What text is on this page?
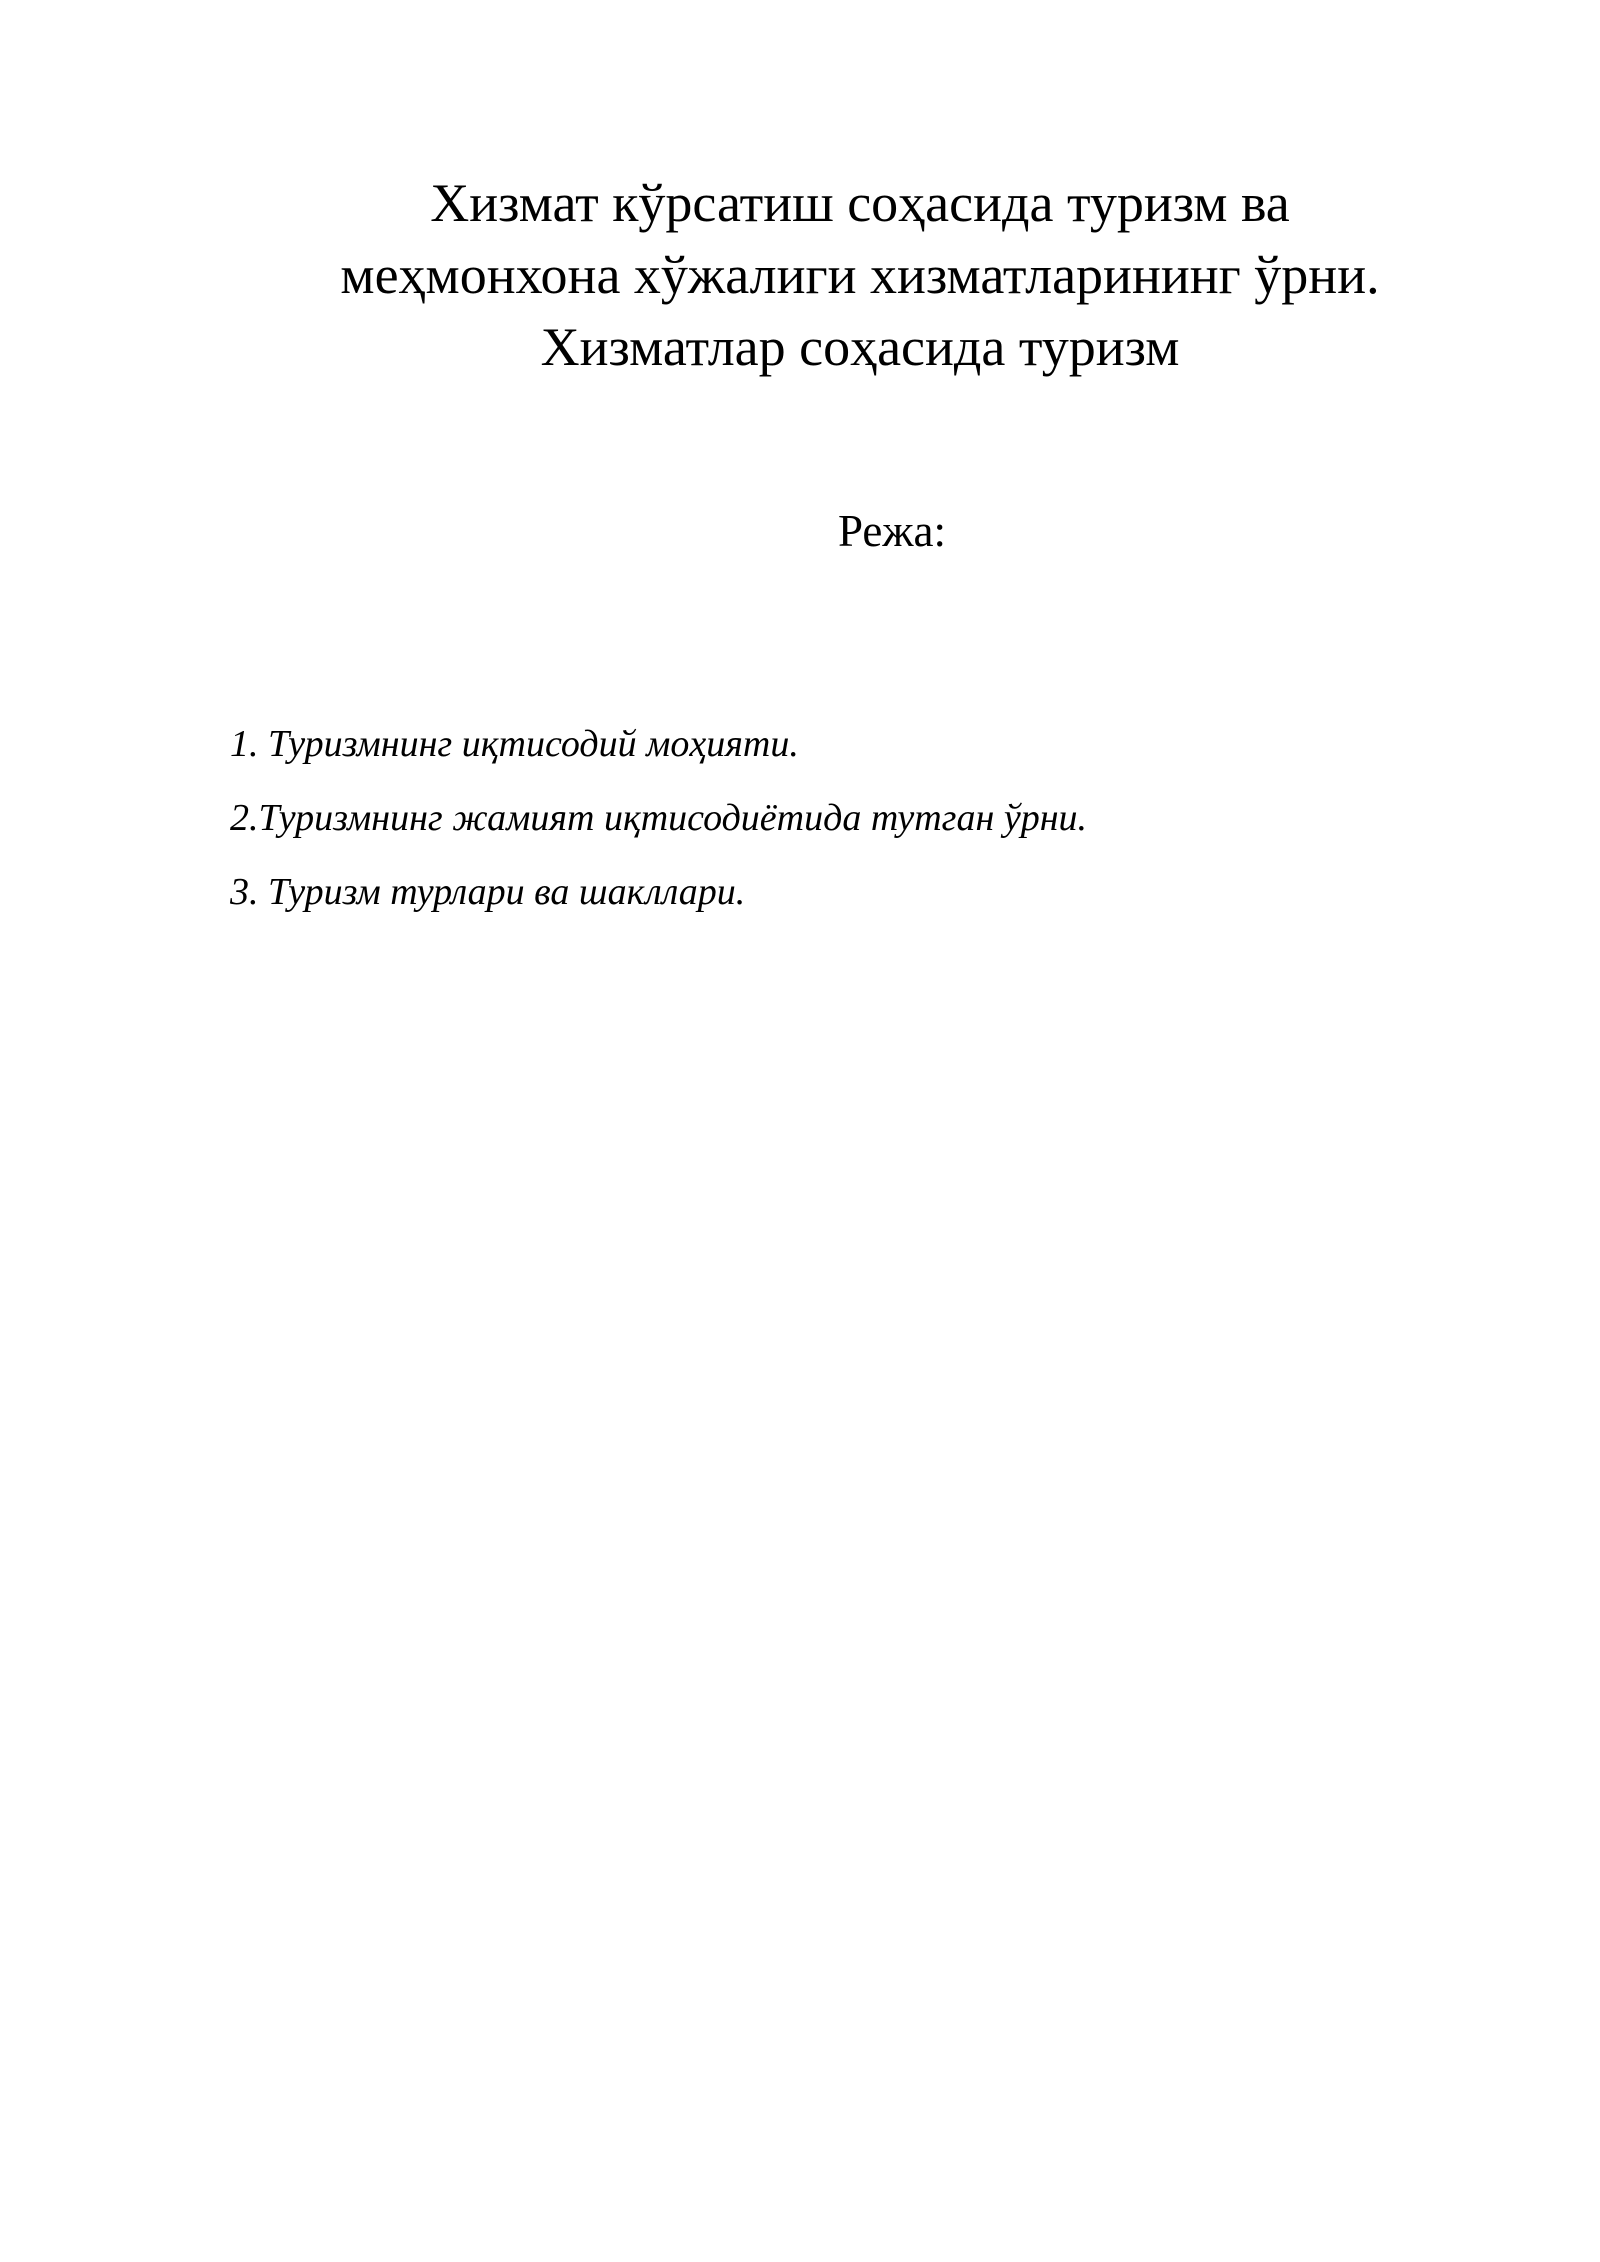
Хизмат кўрсатиш соҳасида туризм ва
меҳмонхона хўжалиги хизматларининг ўрни.
Хизматлар соҳасида туризм
Режа:
1. Туризмнинг иқтисодий моҳияти.
2.Туризмнинг жамият иқтисодиётида тутган ўрни.
3. Туризм турлари ва шакллари.
